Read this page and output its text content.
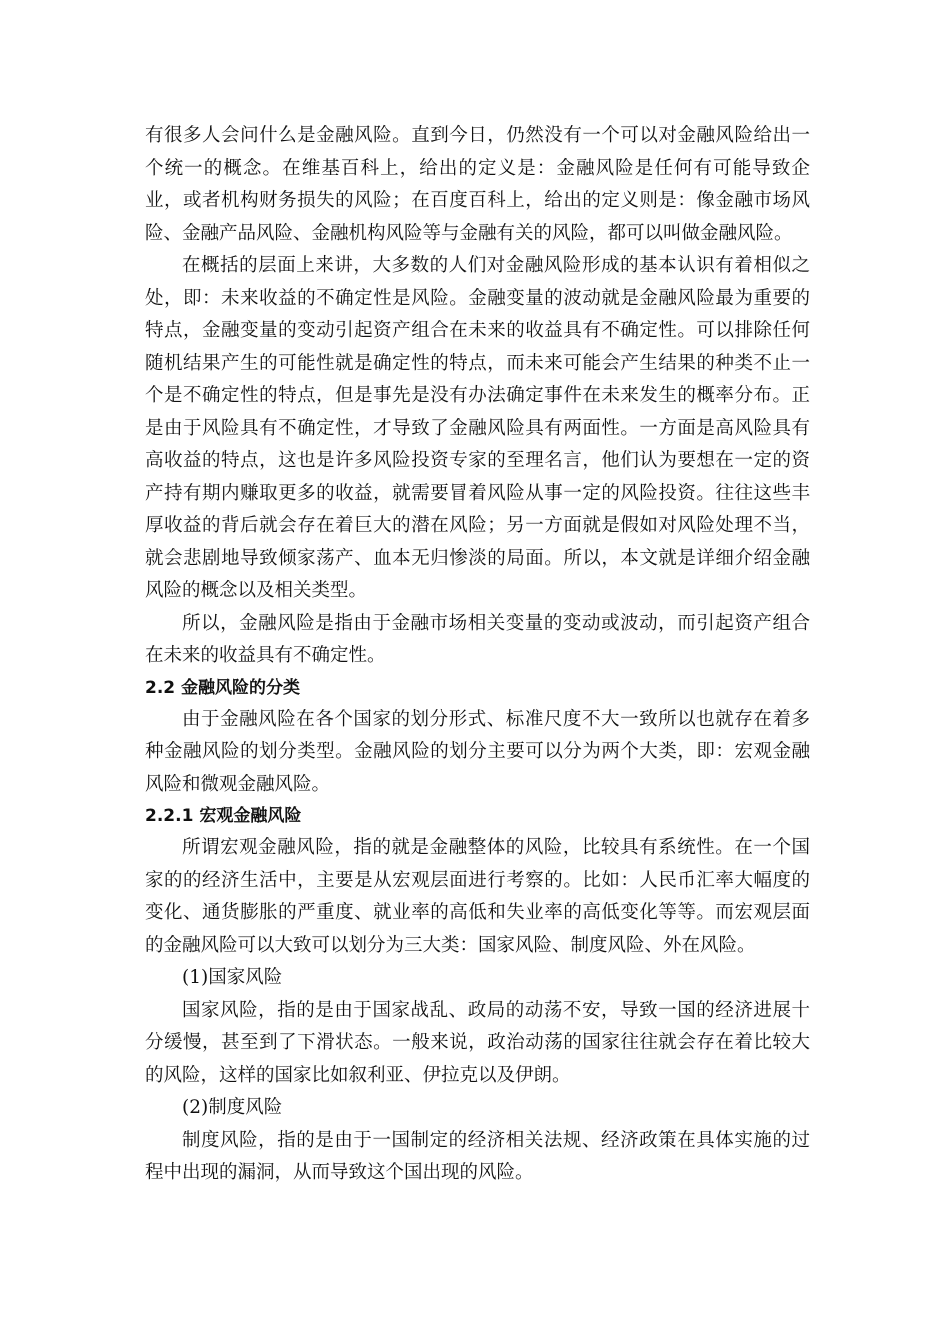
有很多人会问什么是金融风险。直到今日，仍然没有一个可以对金融风险给出一个统一的概念。在维基百科上，给出的定义是：金融风险是任何有可能导致企业，或者机构财务损失的风险；在百度百科上，给出的定义则是：像金融市场风险、金融产品风险、金融机构风险等与金融有关的风险，都可以叫做金融风险。

在概括的层面上来讲，大多数的人们对金融风险形成的基本认识有着相似之处，即：未来收益的不确定性是风险。金融变量的波动就是金融风险最为重要的特点，金融变量的变动引起资产组合在未来的收益具有不确定性。可以排除任何随机结果产生的可能性就是确定性的特点，而未来可能会产生结果的种类不止一个是不确定性的特点，但是事先是没有办法确定事件在未来发生的概率分布。正是由于风险具有不确定性，才导致了金融风险具有两面性。一方面是高风险具有高收益的特点，这也是许多风险投资专家的至理名言，他们认为要想在一定的资产持有期内赚取更多的收益，就需要冒着风险从事一定的风险投资。往往这些丰厚收益的背后就会存在着巨大的潜在风险；另一方面就是假如对风险处理不当，就会悲剧地导致倾家荡产、血本无归惨淡的局面。所以，本文就是详细介绍金融风险的概念以及相关类型。

所以，金融风险是指由于金融市场相关变量的变动或波动，而引起资产组合在未来的收益具有不确定性。

2.2 金融风险的分类

由于金融风险在各个国家的划分形式、标准尺度不大一致所以也就存在着多种金融风险的划分类型。金融风险的划分主要可以分为两个大类，即：宏观金融风险和微观金融风险。

2.2.1 宏观金融风险

所谓宏观金融风险，指的就是金融整体的风险，比较具有系统性。在一个国家的的经济生活中，主要是从宏观层面进行考察的。比如：人民币汇率大幅度的变化、通货膨胀的严重度、就业率的高低和失业率的高低变化等等。而宏观层面的金融风险可以大致可以划分为三大类：国家风险、制度风险、外在风险。

(1)国家风险

国家风险，指的是由于国家战乱、政局的动荡不安，导致一国的经济进展十分缓慢，甚至到了下滑状态。一般来说，政治动荡的国家往往就会存在着比较大的风险，这样的国家比如叙利亚、伊拉克以及伊朗。

(2)制度风险

制度风险，指的是由于一国制定的经济相关法规、经济政策在具体实施的过程中出现的漏洞，从而导致这个国出现的风险。
